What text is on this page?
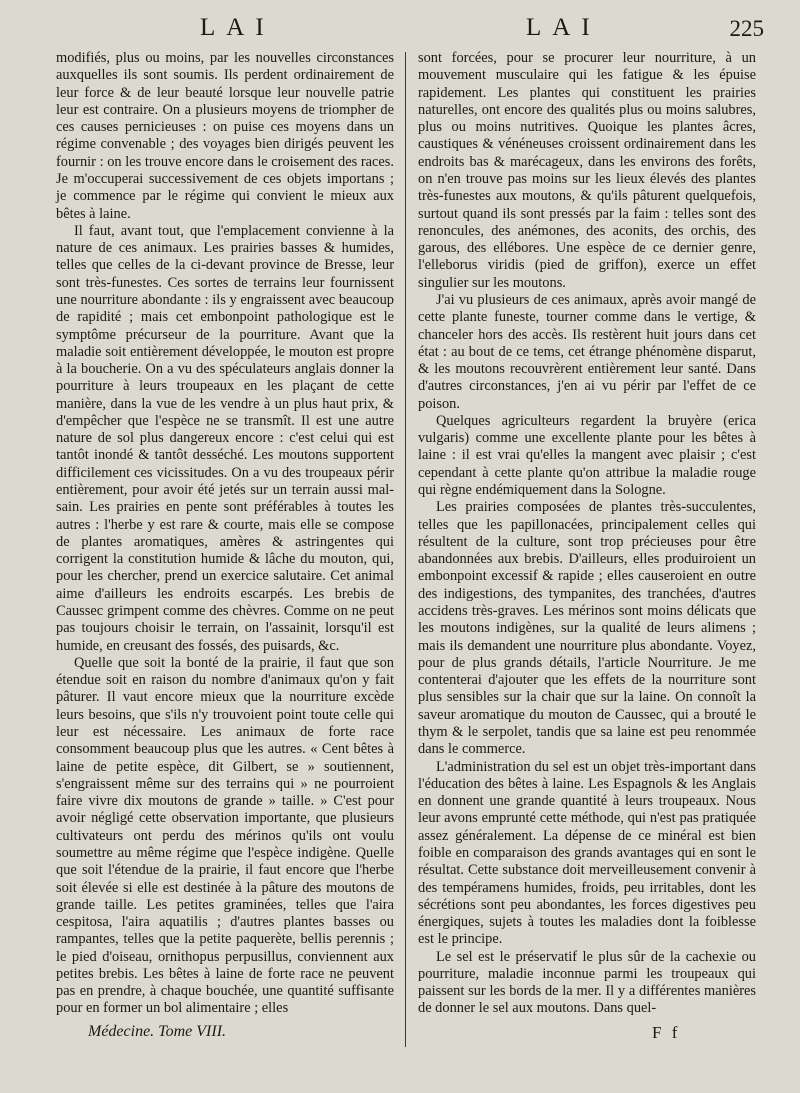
LAI	LAI	225

modifiés, plus ou moins, par les nouvelles circonstances auxquelles ils sont soumis. Ils perdent ordinairement de leur force & de leur beauté lorsque leur nouvelle patrie leur est contraire. On a plusieurs moyens de triompher de ces causes pernicieuses : on puise ces moyens dans un régime convenable ; des voyages bien dirigés peuvent les fournir : on les trouve encore dans le croisement des races. Je m'occuperai successivement de ces objets importans ; je commence par le régime qui convient le mieux aux bêtes à laine.

Il faut, avant tout, que l'emplacement convienne à la nature de ces animaux. Les prairies basses & humides, telles que celles de la ci-devant province de Bresse, leur sont très-funestes. Ces sortes de terrains leur fournissent une nourriture abondante : ils y engraissent avec beaucoup de rapidité ; mais cet embonpoint pathologique est le symptôme précurseur de la pourriture. Avant que la maladie soit entièrement développée, le mouton est propre à la boucherie. On a vu des spéculateurs anglais donner la pourriture à leurs troupeaux en les plaçant de cette manière, dans la vue de les vendre à un plus haut prix, & d'empêcher que l'espèce ne se transmît. Il est une autre nature de sol plus dangereux encore : c'est celui qui est tantôt inondé & tantôt desséché. Les moutons supportent difficilement ces vicissitudes. On a vu des troupeaux périr entièrement, pour avoir été jetés sur un terrain aussi mal-sain. Les prairies en pente sont préférables à toutes les autres : l'herbe y est rare & courte, mais elle se compose de plantes aromatiques, amères & astringentes qui corrigent la constitution humide & lâche du mouton, qui, pour les chercher, prend un exercice salutaire. Cet animal aime d'ailleurs les endroits escarpés. Les brebis de Caussec grimpent comme des chèvres. Comme on ne peut pas toujours choisir le terrain, on l'assainit, lorsqu'il est humide, en creusant des fossés, des puisards, &c.

Quelle que soit la bonté de la prairie, il faut que son étendue soit en raison du nombre d'animaux qu'on y fait pâturer. Il vaut encore mieux que la nourriture excède leurs besoins, que s'ils n'y trouvoient point toute celle qui leur est nécessaire. Les animaux de forte race consomment beaucoup plus que les autres. « Cent bêtes à laine de petite espèce, dit Gilbert, se » soutiennent, s'engraissent même sur des terrains qui » ne pourroient faire vivre dix moutons de grande » taille. » C'est pour avoir négligé cette observation importante, que plusieurs cultivateurs ont perdu des mérinos qu'ils ont voulu soumettre au même régime que l'espèce indigène. Quelle que soit l'étendue de la prairie, il faut encore que l'herbe soit élevée si elle est destinée à la pâture des moutons de grande taille. Les petites graminées, telles que l'aira cespitosa, l'aira aquatilis ; d'autres plantes basses ou rampantes, telles que la petite paquerète, bellis perennis ; le pied d'oiseau, ornithopus perpusillus, conviennent aux petites brebis. Les bêtes à laine de forte race ne peuvent pas en prendre, à chaque bouchée, une quantité suffisante pour en former un bol alimentaire ; elles

sont forcées, pour se procurer leur nourriture, à un mouvement musculaire qui les fatigue & les épuise rapidement. Les plantes qui constituent les prairies naturelles, ont encore des qualités plus ou moins salubres, plus ou moins nutritives. Quoique les plantes âcres, caustiques & vénéneuses croissent ordinairement dans les endroits bas & marécageux, dans les environs des forêts, on n'en trouve pas moins sur les lieux élevés des plantes très-funestes aux moutons, & qu'ils pâturent quelquefois, surtout quand ils sont pressés par la faim : telles sont des renoncules, des anémones, des aconits, des orchis, des garous, des ellébores. Une espèce de ce dernier genre, l'elleborus viridis (pied de griffon), exerce un effet singulier sur les moutons.

J'ai vu plusieurs de ces animaux, après avoir mangé de cette plante funeste, tourner comme dans le vertige, & chanceler hors des accès. Ils restèrent huit jours dans cet état : au bout de ce tems, cet étrange phénomène disparut, & les moutons recouvrèrent entièrement leur santé. Dans d'autres circonstances, j'en ai vu périr par l'effet de ce poison.

Quelques agriculteurs regardent la bruyère (erica vulgaris) comme une excellente plante pour les bêtes à laine : il est vrai qu'elles la mangent avec plaisir ; c'est cependant à cette plante qu'on attribue la maladie rouge qui règne endémiquement dans la Sologne.

Les prairies composées de plantes très-succulentes, telles que les papillonacées, principalement celles qui résultent de la culture, sont trop précieuses pour être abandonnées aux brebis. D'ailleurs, elles produiroient un embonpoint excessif & rapide ; elles causeroient en outre des indigestions, des tympanites, des tranchées, d'autres accidens très-graves. Les mérinos sont moins délicats que les moutons indigènes, sur la qualité de leurs alimens ; mais ils demandent une nourriture plus abondante. Voyez, pour de plus grands détails, l'article Nourriture. Je me contenterai d'ajouter que les effets de la nourriture sont plus sensibles sur la chair que sur la laine. On connoît la saveur aromatique du mouton de Caussec, qui a brouté le thym & le serpolet, tandis que sa laine est peu renommée dans le commerce.

L'administration du sel est un objet très-important dans l'éducation des bêtes à laine. Les Espagnols & les Anglais en donnent une grande quantité à leurs troupeaux. Nous leur avons emprunté cette méthode, qui n'est pas pratiquée assez généralement. La dépense de ce minéral est bien foible en comparaison des grands avantages qui en sont le résultat. Cette substance doit merveilleusement convenir à des tempéramens humides, froids, peu irritables, dont les sécrétions sont peu abondantes, les forces digestives peu énergiques, sujets à toutes les maladies dont la foiblesse est le principe.

Le sel est le préservatif le plus sûr de la cachexie ou pourriture, maladie inconnue parmi les troupeaux qui paissent sur les bords de la mer. Il y a différentes manières de donner le sel aux moutons. Dans quel-

Médecine. Tome VIII.	F f
